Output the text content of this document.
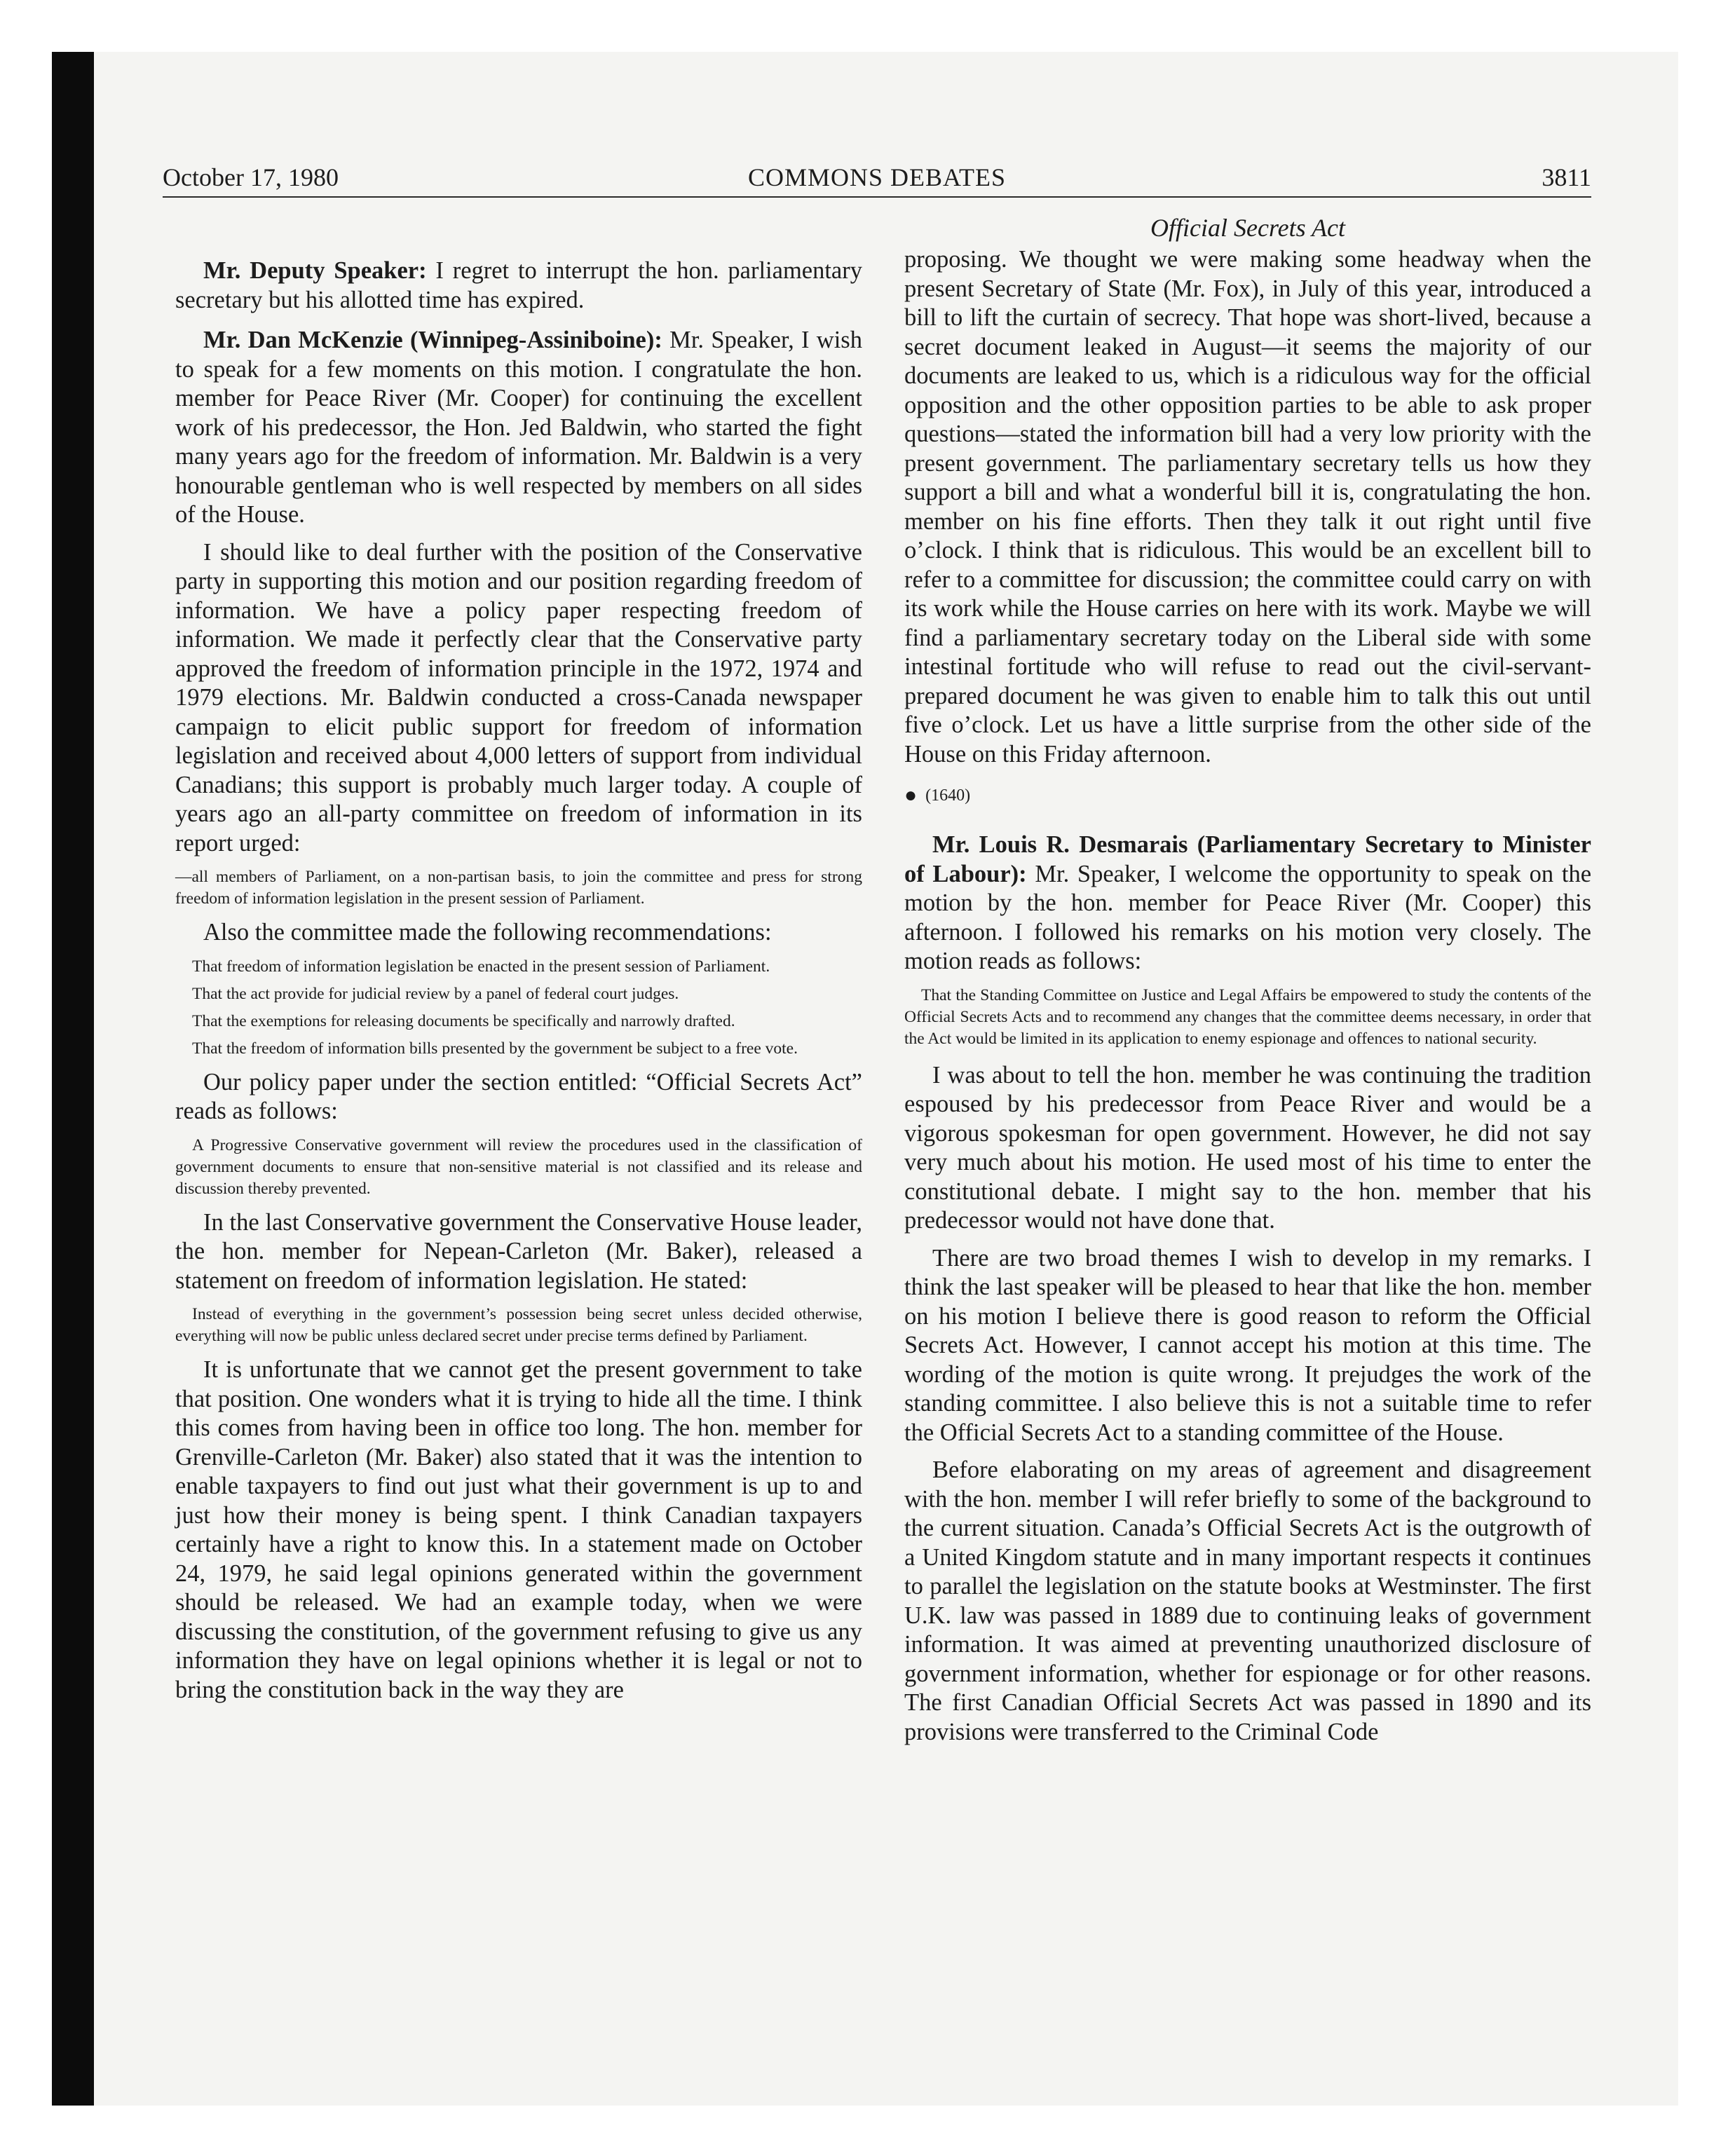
October 17, 1980	COMMONS DEBATES	3811
Official Secrets Act

Mr. Deputy Speaker: I regret to interrupt the hon. parliamentary secretary but his allotted time has expired.

Mr. Dan McKenzie (Winnipeg-Assiniboine): Mr. Speaker, I wish to speak for a few moments on this motion. I congratulate the hon. member for Peace River (Mr. Cooper) for continuing the excellent work of his predecessor, the Hon. Jed Baldwin, who started the fight many years ago for the freedom of information. Mr. Baldwin is a very honourable gentleman who is well respected by members on all sides of the House.

I should like to deal further with the position of the Conservative party in supporting this motion and our position regarding freedom of information. We have a policy paper respecting freedom of information. We made it perfectly clear that the Conservative party approved the freedom of information principle in the 1972, 1974 and 1979 elections. Mr. Baldwin conducted a cross-Canada newspaper campaign to elicit public support for freedom of information legislation and received about 4,000 letters of support from individual Canadians; this support is probably much larger today. A couple of years ago an all-party committee on freedom of information in its report urged:

—all members of Parliament, on a non-partisan basis, to join the committee and press for strong freedom of information legislation in the present session of Parliament.

Also the committee made the following recommendations:

That freedom of information legislation be enacted in the present session of Parliament.

That the act provide for judicial review by a panel of federal court judges.

That the exemptions for releasing documents be specifically and narrowly drafted.

That the freedom of information bills presented by the government be subject to a free vote.

Our policy paper under the section entitled: “Official Secrets Act” reads as follows:

A Progressive Conservative government will review the procedures used in the classification of government documents to ensure that non-sensitive material is not classified and its release and discussion thereby prevented.

In the last Conservative government the Conservative House leader, the hon. member for Nepean-Carleton (Mr. Baker), released a statement on freedom of information legislation. He stated:

Instead of everything in the government’s possession being secret unless decided otherwise, everything will now be public unless declared secret under precise terms defined by Parliament.

It is unfortunate that we cannot get the present government to take that position. One wonders what it is trying to hide all the time. I think this comes from having been in office too long. The hon. member for Grenville-Carleton (Mr. Baker) also stated that it was the intention to enable taxpayers to find out just what their government is up to and just how their money is being spent. I think Canadian taxpayers certainly have a right to know this. In a statement made on October 24, 1979, he said legal opinions generated within the government should be released. We had an example today, when we were discussing the constitution, of the government refusing to give us any information they have on legal opinions whether it is legal or not to bring the constitution back in the way they are

proposing. We thought we were making some headway when the present Secretary of State (Mr. Fox), in July of this year, introduced a bill to lift the curtain of secrecy. That hope was short-lived, because a secret document leaked in August—it seems the majority of our documents are leaked to us, which is a ridiculous way for the official opposition and the other opposition parties to be able to ask proper questions—stated the information bill had a very low priority with the present government. The parliamentary secretary tells us how they support a bill and what a wonderful bill it is, congratulating the hon. member on his fine efforts. Then they talk it out right until five o’clock. I think that is ridiculous. This would be an excellent bill to refer to a committee for discussion; the committee could carry on with its work while the House carries on here with its work. Maybe we will find a parliamentary secretary today on the Liberal side with some intestinal fortitude who will refuse to read out the civil-servant-prepared document he was given to enable him to talk this out until five o’clock. Let us have a little surprise from the other side of the House on this Friday afternoon.

● (1640)

Mr. Louis R. Desmarais (Parliamentary Secretary to Minister of Labour): Mr. Speaker, I welcome the opportunity to speak on the motion by the hon. member for Peace River (Mr. Cooper) this afternoon. I followed his remarks on his motion very closely. The motion reads as follows:

That the Standing Committee on Justice and Legal Affairs be empowered to study the contents of the Official Secrets Acts and to recommend any changes that the committee deems necessary, in order that the Act would be limited in its application to enemy espionage and offences to national security.

I was about to tell the hon. member he was continuing the tradition espoused by his predecessor from Peace River and would be a vigorous spokesman for open government. However, he did not say very much about his motion. He used most of his time to enter the constitutional debate. I might say to the hon. member that his predecessor would not have done that.

There are two broad themes I wish to develop in my remarks. I think the last speaker will be pleased to hear that like the hon. member on his motion I believe there is good reason to reform the Official Secrets Act. However, I cannot accept his motion at this time. The wording of the motion is quite wrong. It prejudges the work of the standing committee. I also believe this is not a suitable time to refer the Official Secrets Act to a standing committee of the House.

Before elaborating on my areas of agreement and disagreement with the hon. member I will refer briefly to some of the background to the current situation. Canada’s Official Secrets Act is the outgrowth of a United Kingdom statute and in many important respects it continues to parallel the legislation on the statute books at Westminster. The first U.K. law was passed in 1889 due to continuing leaks of government information. It was aimed at preventing unauthorized disclosure of government information, whether for espionage or for other reasons. The first Canadian Official Secrets Act was passed in 1890 and its provisions were transferred to the Criminal Code
